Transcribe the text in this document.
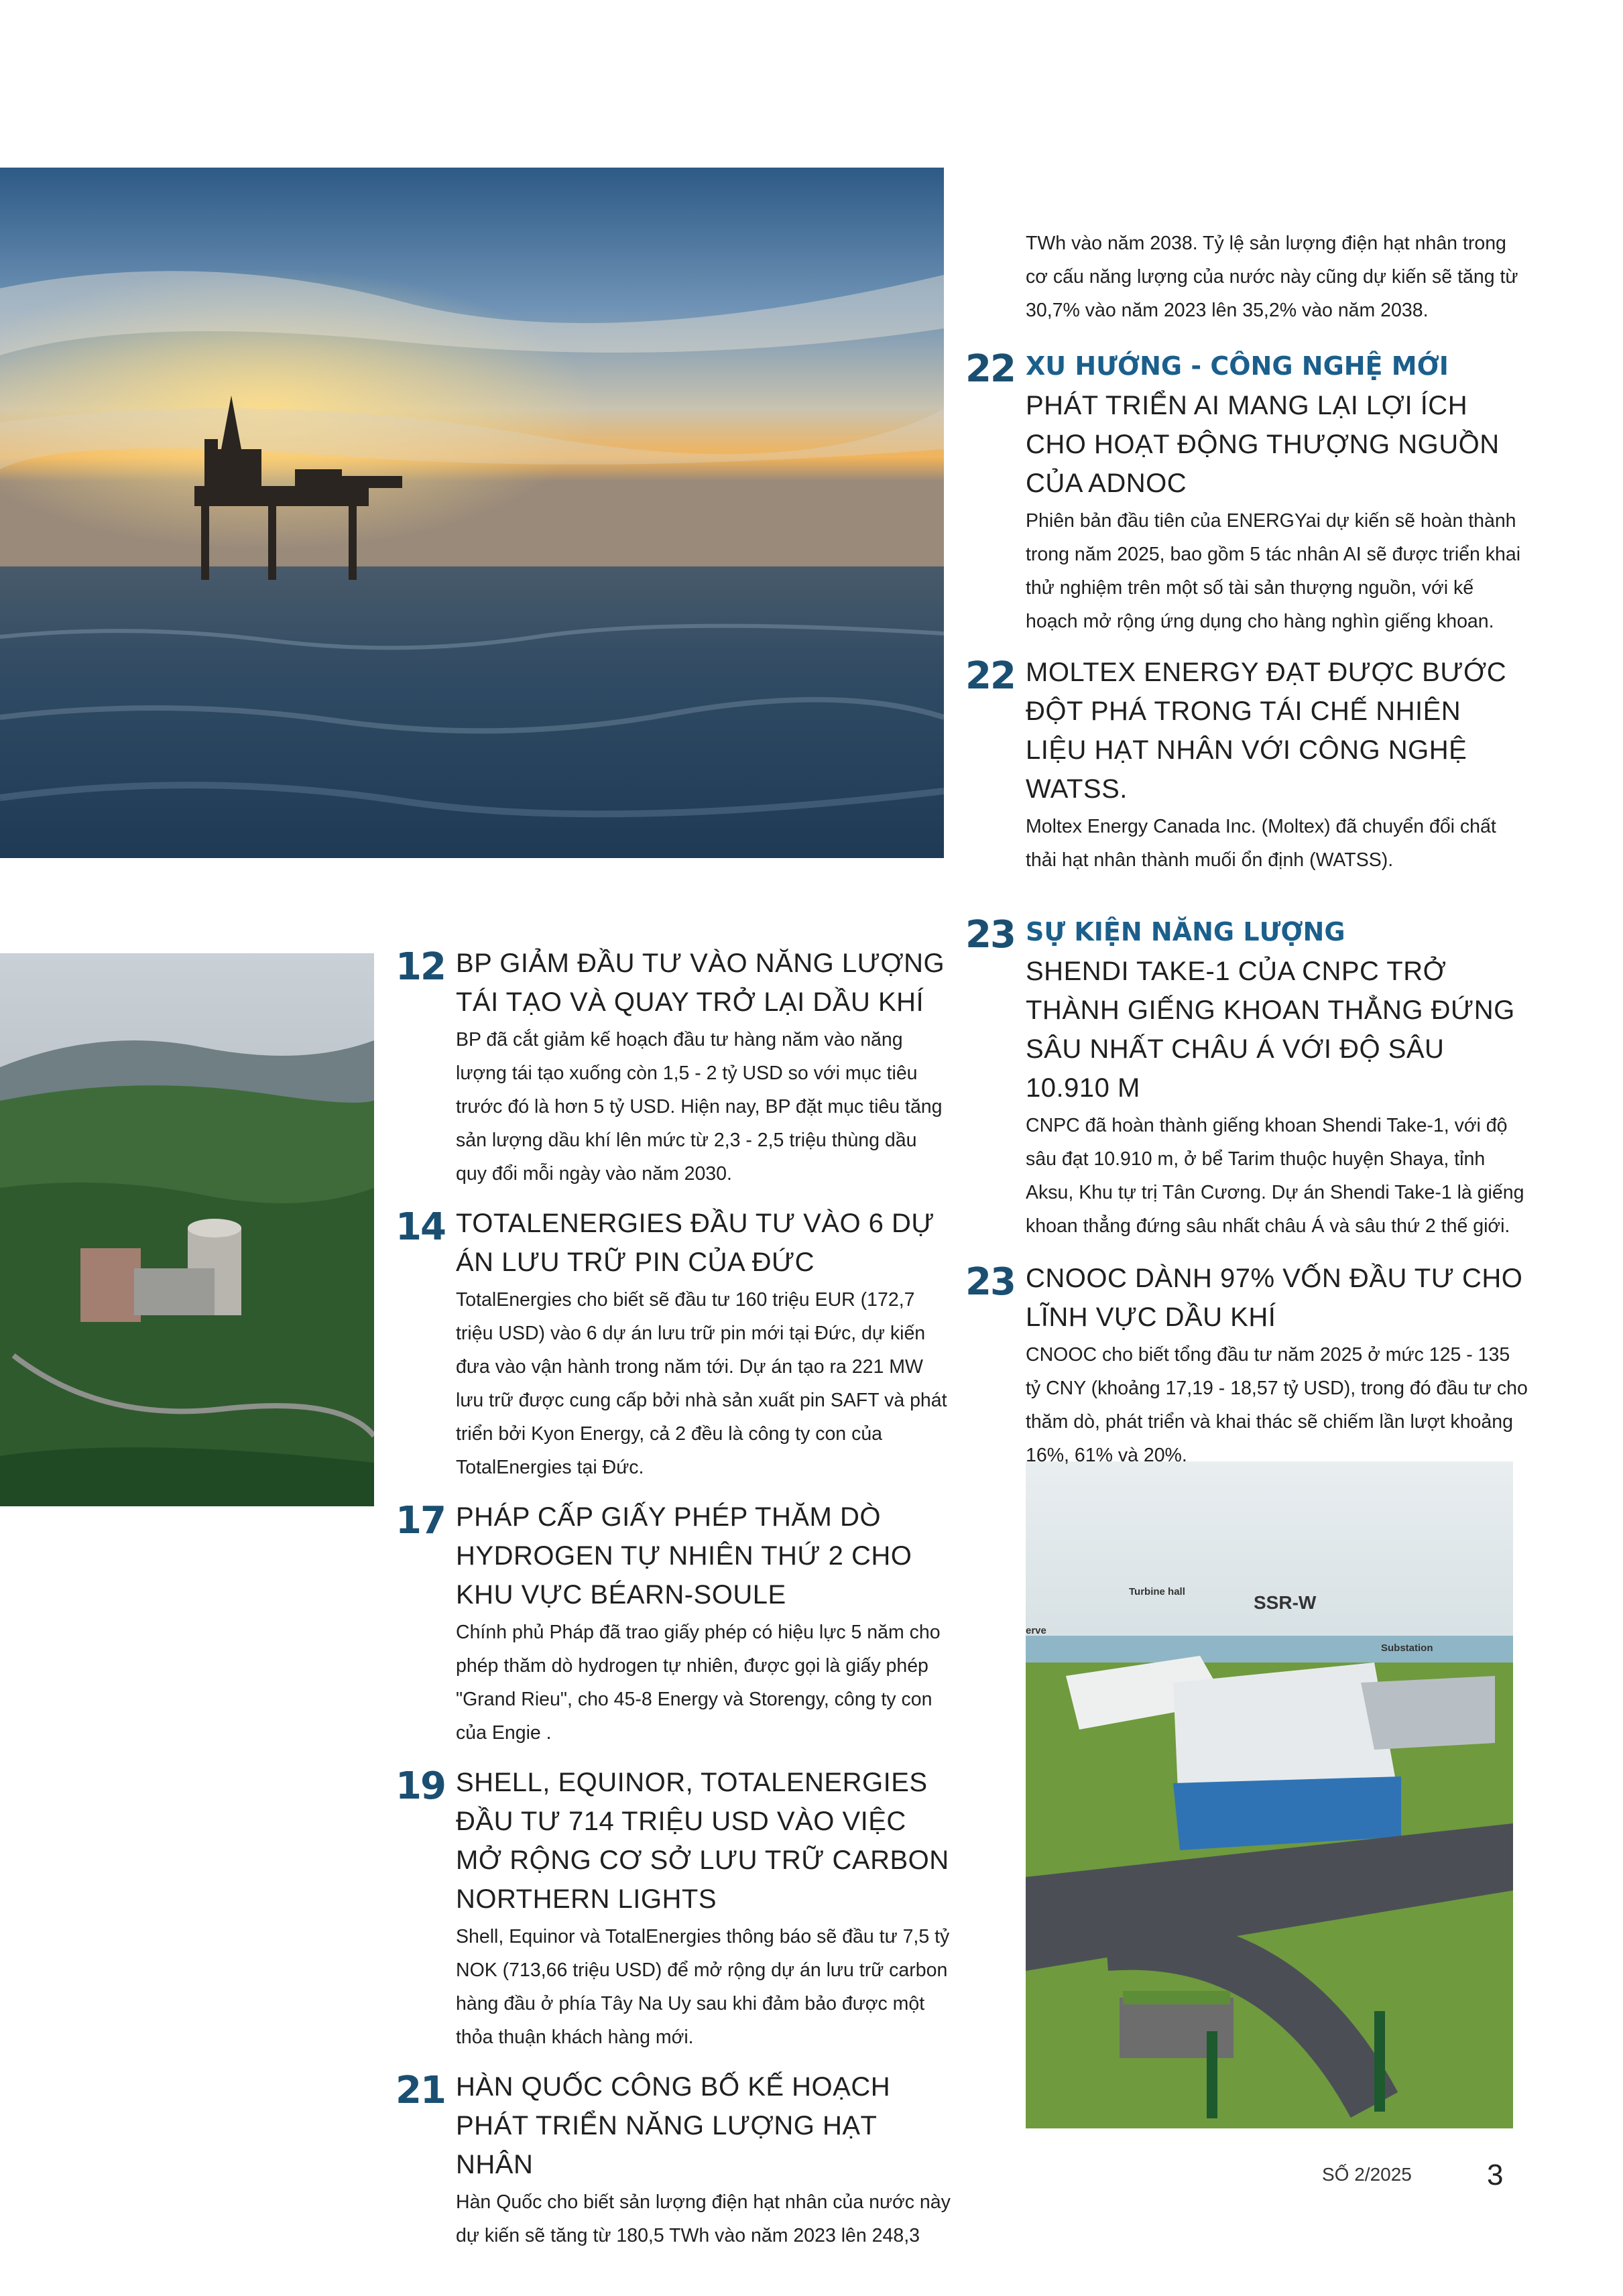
Turbine hall
SSR-W
Substation
erve
TWh vào năm 2038. Tỷ lệ sản lượng điện hạt nhân trong cơ cấu năng lượng của nước này cũng dự kiến sẽ tăng từ 30,7% vào năm 2023 lên 35,2% vào năm 2038.
22 XU HƯỚNG - CÔNG NGHỆ MỚI
PHÁT TRIỂN AI MANG LẠI LỢI ÍCH CHO HOẠT ĐỘNG THƯỢNG NGUỒN CỦA ADNOC
Phiên bản đầu tiên của ENERGYai dự kiến sẽ hoàn thành trong năm 2025, bao gồm 5 tác nhân AI sẽ được triển khai thử nghiệm trên một số tài sản thượng nguồn, với kế hoạch mở rộng ứng dụng cho hàng nghìn giếng khoan.
22 MOLTEX ENERGY ĐẠT ĐƯỢC BƯỚC ĐỘT PHÁ TRONG TÁI CHẾ NHIÊN LIỆU HẠT NHÂN VỚI CÔNG NGHỆ WATSS.
Moltex Energy Canada Inc. (Moltex) đã chuyển đổi chất thải hạt nhân thành muối ổn định (WATSS).
23 SỰ KIỆN NĂNG LƯỢNG
SHENDI TAKE-1 CỦA CNPC TRỞ THÀNH GIẾNG KHOAN THẲNG ĐỨNG SÂU NHẤT CHÂU Á VỚI ĐỘ SÂU 10.910 M
CNPC đã hoàn thành giếng khoan Shendi Take-1, với độ sâu đạt 10.910 m, ở bể Tarim thuộc huyện Shaya, tỉnh Aksu, Khu tự trị Tân Cương. Dự án Shendi Take-1 là giếng khoan thẳng đứng sâu nhất châu Á và sâu thứ 2 thế giới.
23 CNOOC DÀNH 97% VỐN ĐẦU TƯ CHO LĨNH VỰC DẦU KHÍ
CNOOC cho biết tổng đầu tư năm 2025 ở mức 125 - 135 tỷ CNY (khoảng 17,19 - 18,57 tỷ USD), trong đó đầu tư cho thăm dò, phát triển và khai thác sẽ chiếm lần lượt khoảng 16%, 61% và 20%.
12 BP GIẢM ĐẦU TƯ VÀO NĂNG LƯỢNG TÁI TẠO VÀ QUAY TRỞ LẠI DẦU KHÍ
BP đã cắt giảm kế hoạch đầu tư hàng năm vào năng lượng tái tạo xuống còn 1,5 - 2 tỷ USD so với mục tiêu trước đó là hơn 5 tỷ USD. Hiện nay, BP đặt mục tiêu tăng sản lượng dầu khí lên mức từ 2,3 - 2,5 triệu thùng dầu quy đổi mỗi ngày vào năm 2030.
14 TOTALENERGIES ĐẦU TƯ VÀO 6 DỰ ÁN LƯU TRỮ PIN CỦA ĐỨC
TotalEnergies cho biết sẽ đầu tư 160 triệu EUR (172,7 triệu USD) vào 6 dự án lưu trữ pin mới tại Đức, dự kiến đưa vào vận hành trong năm tới. Dự án tạo ra 221 MW lưu trữ được cung cấp bởi nhà sản xuất pin SAFT và phát triển bởi Kyon Energy, cả 2 đều là công ty con của TotalEnergies tại Đức.
17 PHÁP CẤP GIẤY PHÉP THĂM DÒ HYDROGEN TỰ NHIÊN THỨ 2 CHO KHU VỰC BÉARN-SOULE
Chính phủ Pháp đã trao giấy phép có hiệu lực 5 năm cho phép thăm dò hydrogen tự nhiên, được gọi là giấy phép "Grand Rieu", cho 45-8 Energy và Storengy, công ty con của Engie .
19 SHELL, EQUINOR, TOTALENERGIES ĐẦU TƯ 714 TRIỆU USD VÀO VIỆC MỞ RỘNG CƠ SỞ LƯU TRỮ CARBON NORTHERN LIGHTS
Shell, Equinor và TotalEnergies thông báo sẽ đầu tư 7,5 tỷ NOK (713,66 triệu USD) để mở rộng dự án lưu trữ carbon hàng đầu ở phía Tây Na Uy sau khi đảm bảo được một thỏa thuận khách hàng mới.
21 HÀN QUỐC CÔNG BỐ KẾ HOẠCH PHÁT TRIỂN NĂNG LƯỢNG HẠT NHÂN
Hàn Quốc cho biết sản lượng điện hạt nhân của nước này dự kiến sẽ tăng từ 180,5 TWh vào năm 2023 lên 248,3
SỐ 2/2025	3
